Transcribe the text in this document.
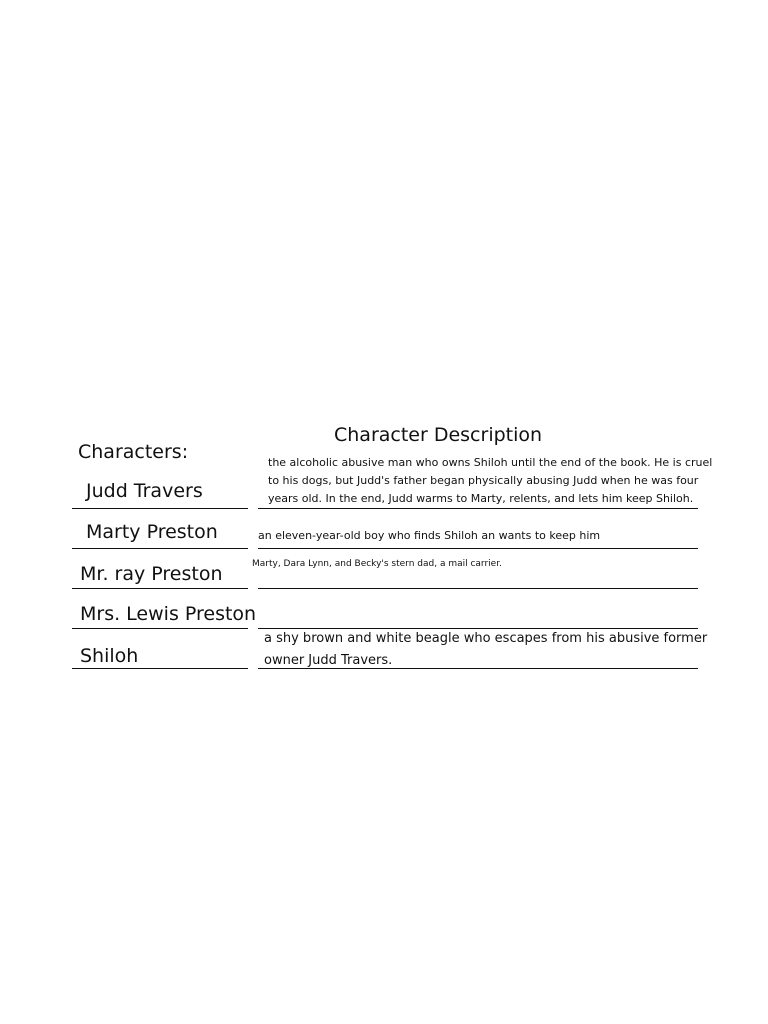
Character Description
Characters:
Judd Travers
the alcoholic abusive man who owns Shiloh until the end of the book. He is cruel
to his dogs, but Judd's father began physically abusing Judd when he was four
years old. In the end, Judd warms to Marty, relents, and lets him keep Shiloh.
Marty Preston	an eleven-year-old boy who finds Shiloh an wants to keep him
Mr. ray Preston	Marty, Dara Lynn, and Becky's stern dad, a mail carrier.
Mrs. Lewis Preston
Shiloh
a shy brown and white beagle who escapes from his abusive former
owner Judd Travers.
